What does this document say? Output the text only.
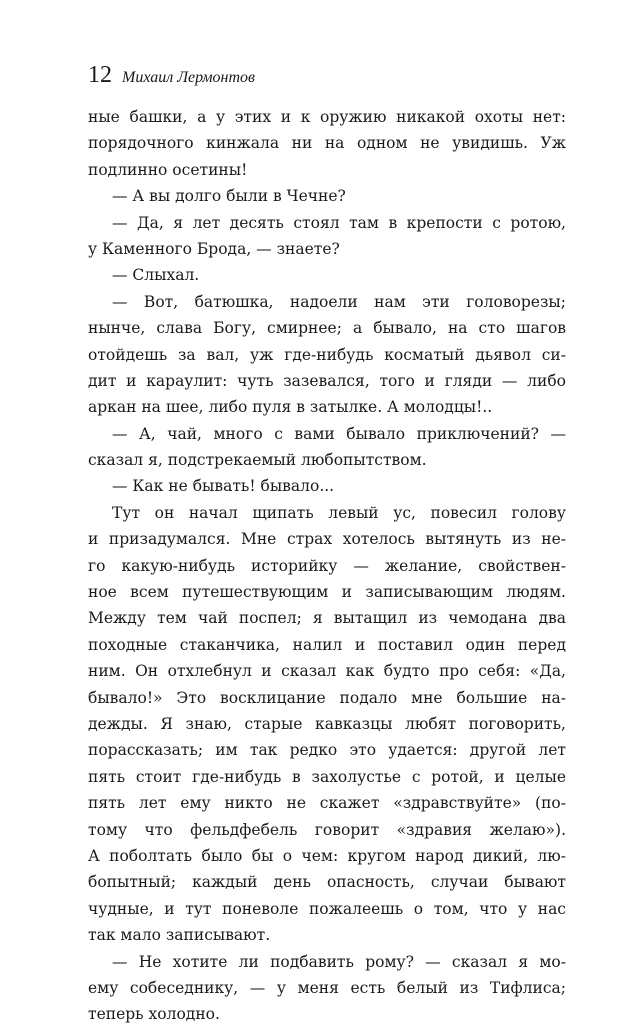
12 Михаил Лермонтов
ные башки, а у этих и к оружию никакой охоты нет:
порядочного кинжала ни на одном не увидишь. Уж
подлинно осетины!
— А вы долго были в Чечне?
— Да, я лет десять стоял там в крепости с ротою,
у Каменного Брода, — знаете?
— Слыхал.
— Вот, батюшка, надоели нам эти головорезы;
нынче, слава Богу, смирнее; а бывало, на сто шагов
отойдешь за вал, уж где-нибудь косматый дьявол си-
дит и караулит: чуть зазевался, того и гляди — либо
аркан на шее, либо пуля в затылке. А молодцы!..
— А, чай, много с вами бывало приключений? —
сказал я, подстрекаемый любопытством.
— Как не бывать! бывало...
Тут он начал щипать левый ус, повесил голову
и призадумался. Мне страх хотелось вытянуть из не-
го какую-нибудь историйку — желание, свойствен-
ное всем путешествующим и записывающим людям.
Между тем чай поспел; я вытащил из чемодана два
походные стаканчика, налил и поставил один перед
ним. Он отхлебнул и сказал как будто про себя: «Да,
бывало!» Это восклицание подало мне большие на-
дежды. Я знаю, старые кавказцы любят поговорить,
порассказать; им так редко это удается: другой лет
пять стоит где-нибудь в захолустье с ротой, и целые
пять лет ему никто не скажет «здравствуйте» (по-
тому что фельдфебель говорит «здравия желаю»).
А поболтать было бы о чем: кругом народ дикий, лю-
бопытный; каждый день опасность, случаи бывают
чудные, и тут поневоле пожалеешь о том, что у нас
так мало записывают.
— Не хотите ли подбавить рому? — сказал я мо-
ему собеседнику, — у меня есть белый из Тифлиса;
теперь холодно.
